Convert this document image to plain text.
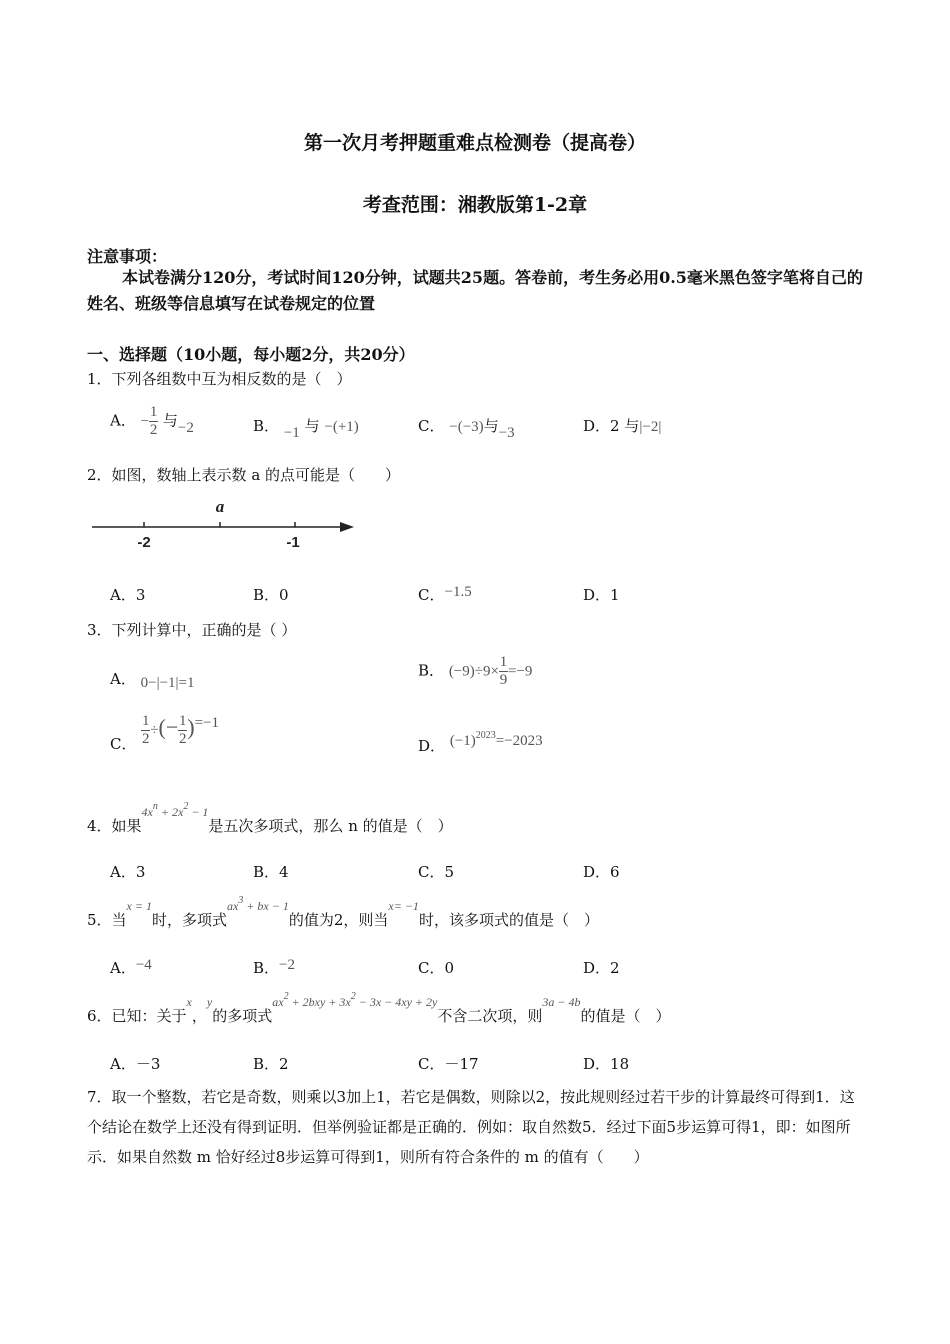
第一次月考押题重难点检测卷（提高卷）
考查范围：湘教版第1-2章
注意事项：
本试卷满分120分，考试时间120分钟，试题共25题。答卷前，考生务必用0.5毫米黑色签字笔将自己的姓名、班级等信息填写在试卷规定的位置
一、选择题（10小题，每小题2分，共20分）
1．下列各组数中互为相反数的是（　）
A． − $\frac{1}{2}$ 与−2	B． −1 与 −(+1)	C． −(−3)与−3	D．2 与|−2|
2．如图，数轴上表示数 a 的点可能是（　　）
a
-2	-1
A．3	B．0	C．−1.5	D．1
3．下列计算中，正确的是（ ）
A． 0−|−1|=1
B． $(-9)\div 9\times \frac{1}{9} =-9$
C． $\frac{1}{2}$ ÷(− $\frac{1}{2} )=-1$
D． $(-1)^{2023}=-2023$
4．如果$4x^n + 2x^2 - 1$是五次多项式，那么 n 的值是（　）
A．3	B．4	C．5	D．6
5．当x = 1时，多项式$ax^3$ + bx − 1的值为2，则当x= −1时，该多项式的值是（　）
A．−4	B．−2	C．0	D．2
6．已知：关于x，y的多项式$ax^2 + 2bxy + 3x^2 - 3x - 4xy + 2y$不含二次项，则3a − 4b的值是（　）
A．－3	B．2	C．－17	D．18
7．取一个整数，若它是奇数，则乘以3加上1，若它是偶数，则除以2，按此规则经过若干步的计算最终可得到1．这个结论在数学上还没有得到证明．但举例验证都是正确的．例如：取自然数5．经过下面5步运算可得1，即：如图所示．如果自然数 m 恰好经过8步运算可得到1，则所有符合条件的 m 的值有（　　）
